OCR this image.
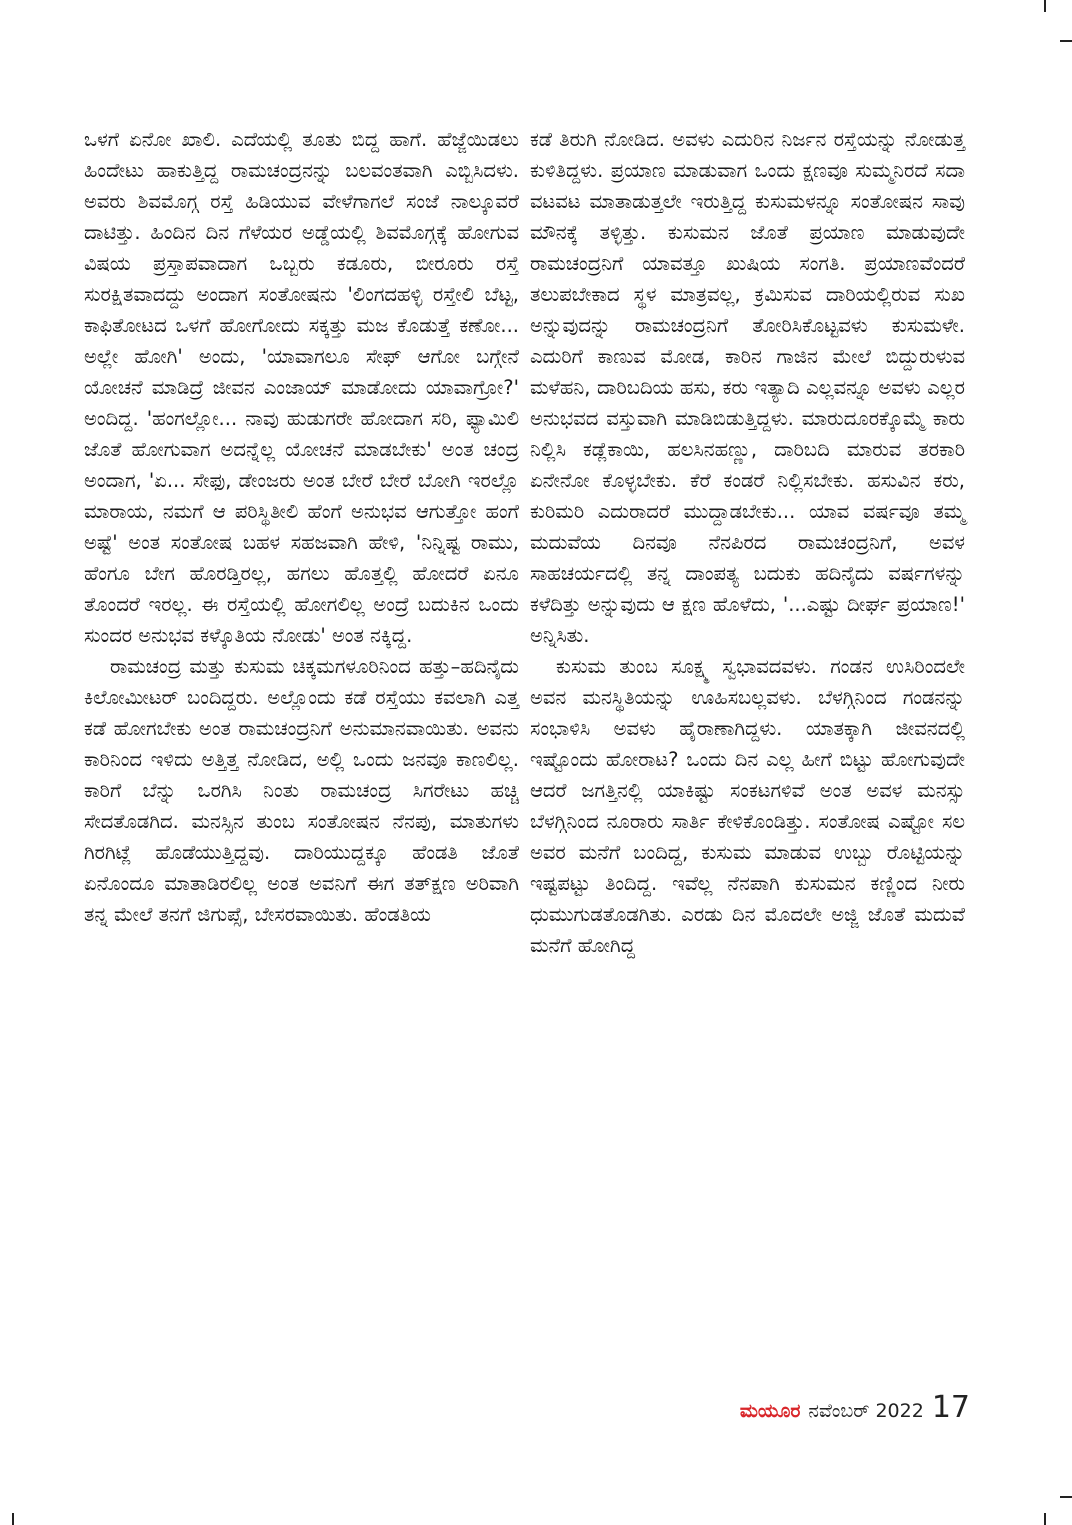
ಒಳಗೆ ಏನೋ ಖಾಲಿ. ಎದೆಯಲ್ಲಿ ತೂತು ಬಿದ್ದ ಹಾಗೆ. ಹೆಜ್ಜೆಯಿಡಲು ಹಿಂದೇಟು ಹಾಕುತ್ತಿದ್ದ ರಾಮಚಂದ್ರನನ್ನು ಬಲವಂತವಾಗಿ ಎಬ್ಬಿಸಿದಳು. ಅವರು ಶಿವಮೊಗ್ಗ ರಸ್ತೆ ಹಿಡಿಯುವ ವೇಳೆಗಾಗಲೆ ಸಂಜೆ ನಾಲ್ಕೂವರೆ ದಾಟಿತ್ತು. ಹಿಂದಿನ ದಿನ ಗೆಳೆಯರ ಅಡ್ಡೆಯಲ್ಲಿ ಶಿವಮೊಗ್ಗಕ್ಕೆ ಹೋಗುವ ವಿಷಯ ಪ್ರಸ್ತಾಪವಾದಾಗ ಒಬ್ಬರು ಕಡೂರು, ಬೀರೂರು ರಸ್ತೆ ಸುರಕ್ಷಿತವಾದದ್ದು ಅಂದಾಗ ಸಂತೋಷನು 'ಲಿಂಗದಹಳ್ಳಿ ರಸ್ತೇಲಿ ಬೆಟ್ಟ, ಕಾಫಿತೋಟದ ಒಳಗೆ ಹೋಗೋದು ಸಕ್ಕತ್ತು ಮಜ ಕೊಡುತ್ತೆ ಕಣೋ... ಅಲ್ಲೇ ಹೋಗಿ' ಅಂದು, 'ಯಾವಾಗಲೂ ಸೇಫ್ ಆಗೋ ಬಗ್ಗೇನೆ ಯೋಚನೆ ಮಾಡಿದ್ರೆ ಜೀವನ ಎಂಜಾಯ್ ಮಾಡೋದು ಯಾವಾಗ್ರೋ?' ಅಂದಿದ್ದ. 'ಹಂಗಲ್ಲೋ... ನಾವು ಹುಡುಗರೇ ಹೋದಾಗ ಸರಿ, ಫ್ಯಾಮಿಲಿ ಜೊತೆ ಹೋಗುವಾಗ ಅದನ್ನೆಲ್ಲ ಯೋಚನೆ ಮಾಡಬೇಕು' ಅಂತ ಚಂದ್ರ ಅಂದಾಗ, 'ಏ... ಸೇಫು, ಡೇಂಜರು ಅಂತ ಬೇರೆ ಬೇರೆ ಬೋಗಿ ಇರಲ್ಲೊ ಮಾರಾಯ, ನಮಗೆ ಆ ಪರಿಸ್ಥಿತೀಲಿ ಹೆಂಗೆ ಅನುಭವ ಆಗುತ್ತೋ ಹಂಗೆ ಅಷ್ಟೆ' ಅಂತ ಸಂತೋಷ ಬಹಳ ಸಹಜವಾಗಿ ಹೇಳಿ, 'ನಿನ್ನಿಷ್ಟ ರಾಮು, ಹೆಂಗೂ ಬೇಗ ಹೊರಡ್ತಿರಲ್ಲ, ಹಗಲು ಹೊತ್ತಲ್ಲಿ ಹೋದರೆ ಏನೂ ತೊಂದರೆ ಇರಲ್ಲ. ಈ ರಸ್ತೆಯಲ್ಲಿ ಹೋಗಲಿಲ್ಲ ಅಂದ್ರೆ ಬದುಕಿನ ಒಂದು ಸುಂದರ ಅನುಭವ ಕಳ್ಕೊತಿಯ ನೋಡು' ಅಂತ ನಕ್ಕಿದ್ದ.

ರಾಮಚಂದ್ರ ಮತ್ತು ಕುಸುಮ ಚಿಕ್ಕಮಗಳೂರಿನಿಂದ ಹತ್ತು–ಹದಿನೈದು ಕಿಲೋಮೀಟರ್ ಬಂದಿದ್ದರು. ಅಲ್ಲೊಂದು ಕಡೆ ರಸ್ತೆಯು ಕವಲಾಗಿ ಎತ್ತ ಕಡೆ ಹೋಗಬೇಕು ಅಂತ ರಾಮಚಂದ್ರನಿಗೆ ಅನುಮಾನವಾಯಿತು. ಅವನು ಕಾರಿನಿಂದ ಇಳಿದು ಅತ್ತಿತ್ತ ನೋಡಿದ, ಅಲ್ಲಿ ಒಂದು ಜನವೂ ಕಾಣಲಿಲ್ಲ. ಕಾರಿಗೆ ಬೆನ್ನು ಒರಗಿಸಿ ನಿಂತು ರಾಮಚಂದ್ರ ಸಿಗರೇಟು ಹಚ್ಚಿ ಸೇದತೊಡಗಿದ. ಮನಸ್ಸಿನ ತುಂಬ ಸಂತೋಷನ ನೆನಪು, ಮಾತುಗಳು ಗಿರಗಿಟ್ಲೆ ಹೊಡೆಯುತ್ತಿದ್ದವು. ದಾರಿಯುದ್ದಕ್ಕೂ ಹೆಂಡತಿ ಜೊತೆ ಏನೊಂದೂ ಮಾತಾಡಿರಲಿಲ್ಲ ಅಂತ ಅವನಿಗೆ ಈಗ ತತ್‌ಕ್ಷಣ ಅರಿವಾಗಿ ತನ್ನ ಮೇಲೆ ತನಗೆ ಜಿಗುಪ್ಸೆ, ಬೇಸರವಾಯಿತು. ಹೆಂಡತಿಯ

ಕಡೆ ತಿರುಗಿ ನೋಡಿದ. ಅವಳು ಎದುರಿನ ನಿರ್ಜನ ರಸ್ತೆಯನ್ನು ನೋಡುತ್ತ ಕುಳಿತಿದ್ದಳು. ಪ್ರಯಾಣ ಮಾಡುವಾಗ ಒಂದು ಕ್ಷಣವೂ ಸುಮ್ಮನಿರದೆ ಸದಾ ವಟವಟ ಮಾತಾಡುತ್ತಲೇ ಇರುತ್ತಿದ್ದ ಕುಸುಮಳನ್ನೂ ಸಂತೋಷನ ಸಾವು ಮೌನಕ್ಕೆ ತಳ್ಳಿತ್ತು. ಕುಸುಮನ ಜೊತೆ ಪ್ರಯಾಣ ಮಾಡುವುದೇ ರಾಮಚಂದ್ರನಿಗೆ ಯಾವತ್ತೂ ಖುಷಿಯ ಸಂಗತಿ. ಪ್ರಯಾಣವೆಂದರೆ ತಲುಪಬೇಕಾದ ಸ್ಥಳ ಮಾತ್ರವಲ್ಲ, ಕ್ರಮಿಸುವ ದಾರಿಯಲ್ಲಿರುವ ಸುಖ ಅನ್ನುವುದನ್ನು ರಾಮಚಂದ್ರನಿಗೆ ತೋರಿಸಿಕೊಟ್ಟವಳು ಕುಸುಮಳೇ. ಎದುರಿಗೆ ಕಾಣುವ ಮೋಡ, ಕಾರಿನ ಗಾಜಿನ ಮೇಲೆ ಬಿದ್ದುರುಳುವ ಮಳೆಹನಿ, ದಾರಿಬದಿಯ ಹಸು, ಕರು ಇತ್ಯಾದಿ ಎಲ್ಲವನ್ನೂ ಅವಳು ಎಲ್ಲರ ಅನುಭವದ ವಸ್ತುವಾಗಿ ಮಾಡಿಬಿಡುತ್ತಿದ್ದಳು. ಮಾರುದೂರಕ್ಕೊಮ್ಮೆ ಕಾರು ನಿಲ್ಲಿಸಿ ಕಡ್ಲೆಕಾಯಿ, ಹಲಸಿನಹಣ್ಣು, ದಾರಿಬದಿ ಮಾರುವ ತರಕಾರಿ ಏನೇನೋ ಕೊಳ್ಳಬೇಕು. ಕೆರೆ ಕಂಡರೆ ನಿಲ್ಲಿಸಬೇಕು. ಹಸುವಿನ ಕರು, ಕುರಿಮರಿ ಎದುರಾದರೆ ಮುದ್ದಾಡಬೇಕು... ಯಾವ ವರ್ಷವೂ ತಮ್ಮ ಮದುವೆಯ ದಿನವೂ ನೆನಪಿರದ ರಾಮಚಂದ್ರನಿಗೆ, ಅವಳ ಸಾಹಚರ್ಯದಲ್ಲಿ ತನ್ನ ದಾಂಪತ್ಯ ಬದುಕು ಹದಿನೈದು ವರ್ಷಗಳನ್ನು ಕಳೆದಿತ್ತು ಅನ್ನುವುದು ಆ ಕ್ಷಣ ಹೊಳೆದು, '...ಎಷ್ಟು ದೀರ್ಘ ಪ್ರಯಾಣ!' ಅನ್ನಿಸಿತು.

ಕುಸುಮ ತುಂಬ ಸೂಕ್ಷ್ಮ ಸ್ವಭಾವದವಳು. ಗಂಡನ ಉಸಿರಿಂದಲೇ ಅವನ ಮನಸ್ಥಿತಿಯನ್ನು ಊಹಿಸಬಲ್ಲವಳು. ಬೆಳಗ್ಗಿನಿಂದ ಗಂಡನನ್ನು ಸಂಭಾಳಿಸಿ ಅವಳು ಹೈರಾಣಾಗಿದ್ದಳು. ಯಾತಕ್ಕಾಗಿ ಜೀವನದಲ್ಲಿ ಇಷ್ಟೊಂದು ಹೋರಾಟ? ಒಂದು ದಿನ ಎಲ್ಲ ಹೀಗೆ ಬಿಟ್ಟು ಹೋಗುವುದೇ ಆದರೆ ಜಗತ್ತಿನಲ್ಲಿ ಯಾಕಿಷ್ಟು ಸಂಕಟಗಳಿವೆ ಅಂತ ಅವಳ ಮನಸ್ಸು ಬೆಳಗ್ಗಿನಿಂದ ನೂರಾರು ಸಾರ್ತಿ ಕೇಳಿಕೊಂಡಿತ್ತು. ಸಂತೋಷ ಎಷ್ಟೋ ಸಲ ಅವರ ಮನೆಗೆ ಬಂದಿದ್ದ, ಕುಸುಮ ಮಾಡುವ ಉಬ್ಬು ರೊಟ್ಟಿಯನ್ನು ಇಷ್ಟಪಟ್ಟು ತಿಂದಿದ್ದ. ಇವೆಲ್ಲ ನೆನಪಾಗಿ ಕುಸುಮನ ಕಣ್ಣಿಂದ ನೀರು ಧುಮುಗುಡತೊಡಗಿತು. ಎರಡು ದಿನ ಮೊದಲೇ ಅಜ್ಜಿ ಜೊತೆ ಮದುವೆ ಮನೆಗೆ ಹೋಗಿದ್ದ

ಮಯೂರ ನವೆಂಬರ್ 2022 17
